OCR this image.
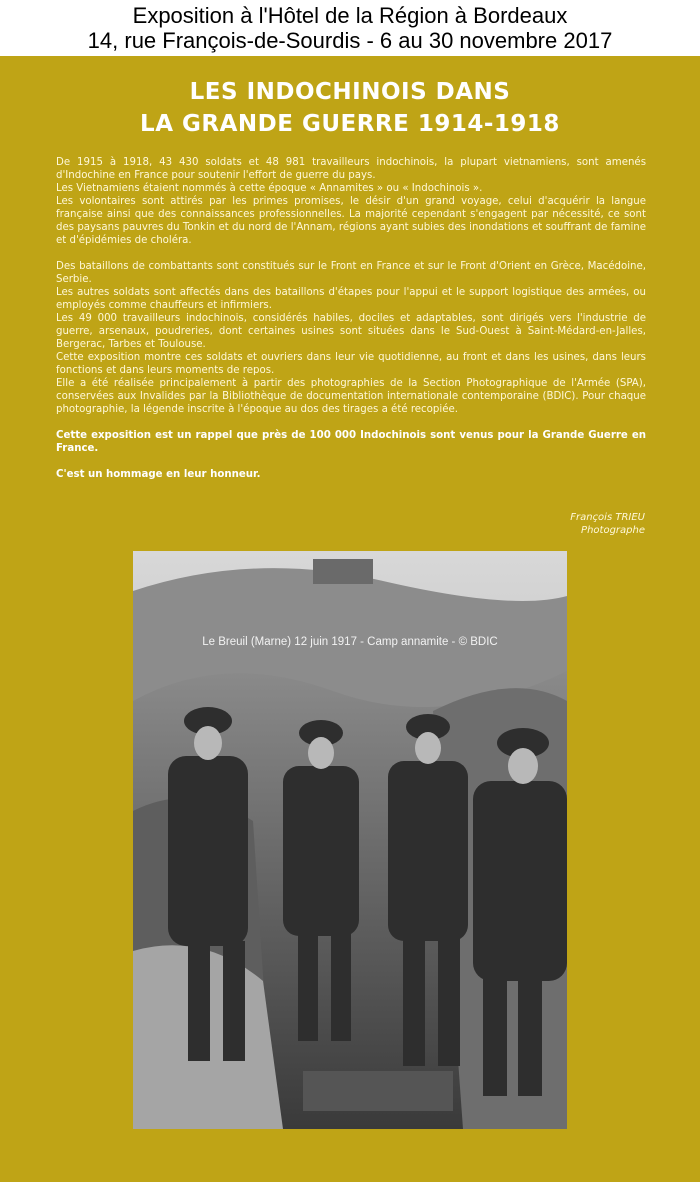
Exposition à l'Hôtel de la Région à Bordeaux
14, rue François-de-Sourdis - 6 au 30 novembre 2017
LES INDOCHINOIS DANS
LA GRANDE GUERRE 1914-1918

De 1915 à 1918, 43 430 soldats et 48 981 travailleurs indochinois, la plupart vietnamiens, sont amenés d'Indochine en France pour soutenir l'effort de guerre du pays.

Les Vietnamiens étaient nommés à cette époque « Annamites » ou « Indochinois ».

Les volontaires sont attirés par les primes promises, le désir d'un grand voyage, celui d'acquérir la langue française ainsi que des connaissances professionnelles. La majorité cependant s'engagent par nécessité, ce sont des paysans pauvres du Tonkin et du nord de l'Annam, régions ayant subies des inondations et souffrant de famine et d'épidémies de choléra.

Des bataillons de combattants sont constitués sur le Front en France et sur le Front d'Orient en Grèce, Macédoine, Serbie.

Les autres soldats sont affectés dans des bataillons d'étapes pour l'appui et le support logistique des armées, ou employés comme chauffeurs et infirmiers.

Les 49 000 travailleurs indochinois, considérés habiles, dociles et adaptables, sont dirigés vers l'industrie de guerre, arsenaux, poudreries, dont certaines usines sont situées dans le Sud-Ouest à Saint-Médard-en-Jalles, Bergerac, Tarbes et Toulouse.

Cette exposition montre ces soldats et ouvriers dans leur vie quotidienne, au front et dans les usines, dans leurs fonctions et dans leurs moments de repos.

Elle a été réalisée principalement à partir des photographies de la Section Photographique de l'Armée (SPA), conservées aux Invalides par la Bibliothèque de documentation internationale contemporaine (BDIC). Pour chaque photographie, la légende inscrite à l'époque au dos des tirages a été recopiée.

Cette exposition est un rappel que près de 100 000 Indochinois sont venus pour la Grande Guerre en France.

C'est un hommage en leur honneur.

François TRIEU
Photographe
Le Breuil (Marne) 12 juin 1917 - Camp annamite - © BDIC
